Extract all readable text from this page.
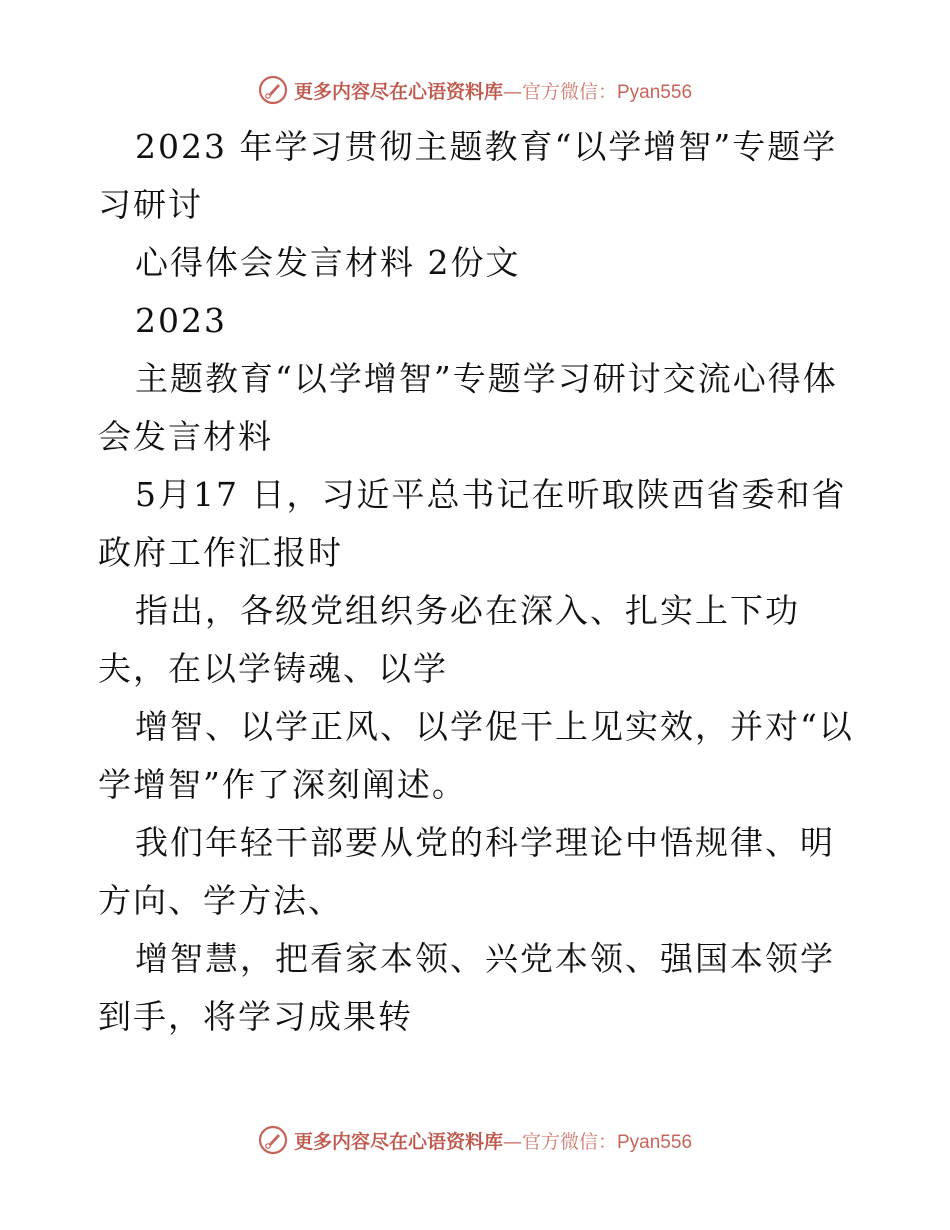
更多内容尽在心语资料库—官方微信：Pyan556

2023 年学习贯彻主题教育“以学增智”专题学习研讨

心得体会发言材料 2份文

2023

主题教育“以学增智”专题学习研讨交流心得体会发言材料

5月17 日，习近平总书记在听取陕西省委和省政府工作汇报时

指出，各级党组织务必在深入、扎实上下功夫，在以学铸魂、以学

增智、以学正风、以学促干上见实效，并对“以学增智”作了深刻阐述。

我们年轻干部要从党的科学理论中悟规律、明方向、学方法、

增智慧，把看家本领、兴党本领、强国本领学到手，将学习成果转

更多内容尽在心语资料库—官方微信：Pyan556
